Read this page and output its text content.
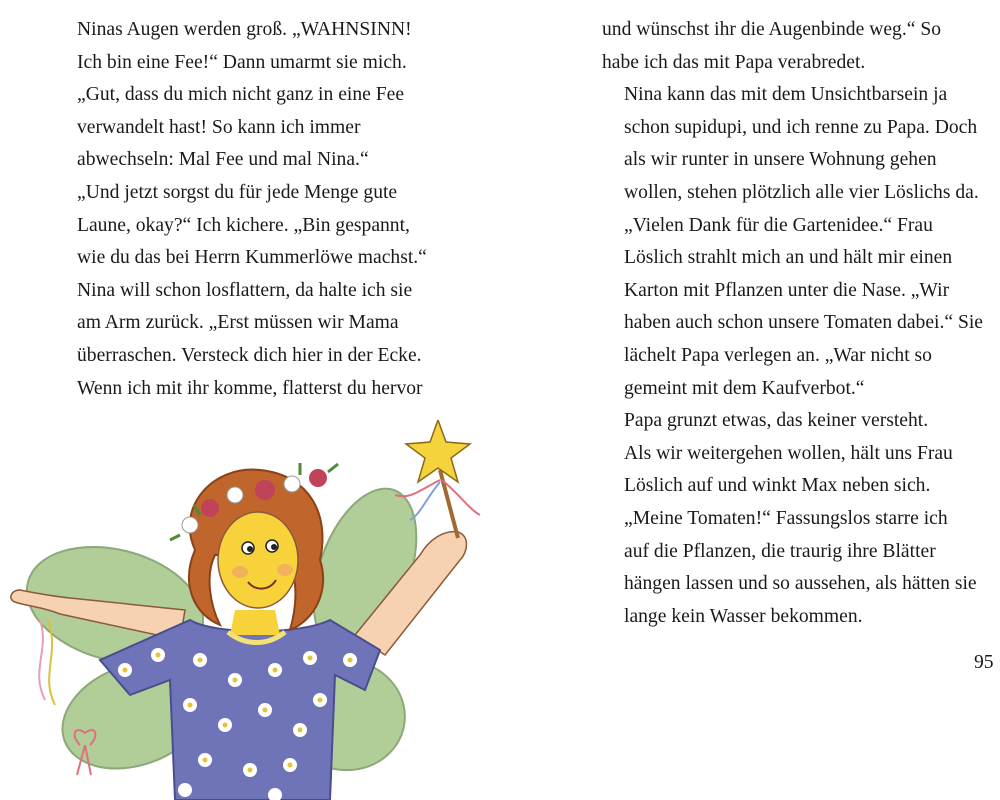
Ninas Augen werden groß. „WAHNSINN!
Ich bin eine Fee!“ Dann umarmt sie mich.
„Gut, dass du mich nicht ganz in eine Fee
verwandelt hast! So kann ich immer
abwechseln: Mal Fee und mal Nina.“

„Und jetzt sorgst du für jede Menge gute
Laune, okay?“ Ich kichere. „Bin gespannt,
wie du das bei Herrn Kummerlöwe machst.“

Nina will schon losflattern, da halte ich sie
am Arm zurück. „Erst müssen wir Mama
überraschen. Versteck dich hier in der Ecke.
Wenn ich mit ihr komme, flatterst du hervor

und wünschst ihr die Augenbinde weg.“ So
habe ich das mit Papa verabredet.

Nina kann das mit dem Unsichtbarsein ja
schon supidupi, und ich renne zu Papa. Doch
als wir runter in unsere Wohnung gehen
wollen, stehen plötzlich alle vier Löslichs da.

„Vielen Dank für die Gartenidee.“ Frau
Löslich strahlt mich an und hält mir einen
Karton mit Pflanzen unter die Nase. „Wir
haben auch schon unsere Tomaten dabei.“ Sie
lächelt Papa verlegen an. „War nicht so
gemeint mit dem Kaufverbot.“

Papa grunzt etwas, das keiner versteht.

Als wir weitergehen wollen, hält uns Frau
Löslich auf und winkt Max neben sich.

„Meine Tomaten!“ Fassungslos starre ich
auf die Pflanzen, die traurig ihre Blätter
hängen lassen und so aussehen, als hätten sie
lange kein Wasser bekommen.

95
